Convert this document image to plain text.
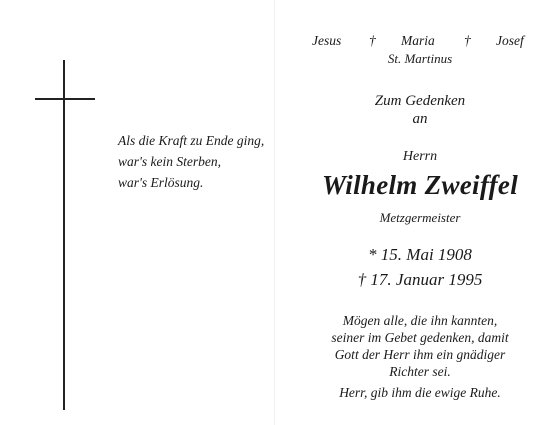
Als die Kraft zu Ende ging,
war's kein Sterben,
war's Erlösung.
Jesus † Maria † Josef
St. Martinus
Zum Gedenken
an
Herrn
Wilhelm Zweiffel
Metzgermeister
* 15. Mai 1908
† 17. Januar 1995
Mögen alle, die ihn kannten,
seiner im Gebet gedenken, damit
Gott der Herr ihm ein gnädiger
Richter sei.
Herr, gib ihm die ewige Ruhe.
